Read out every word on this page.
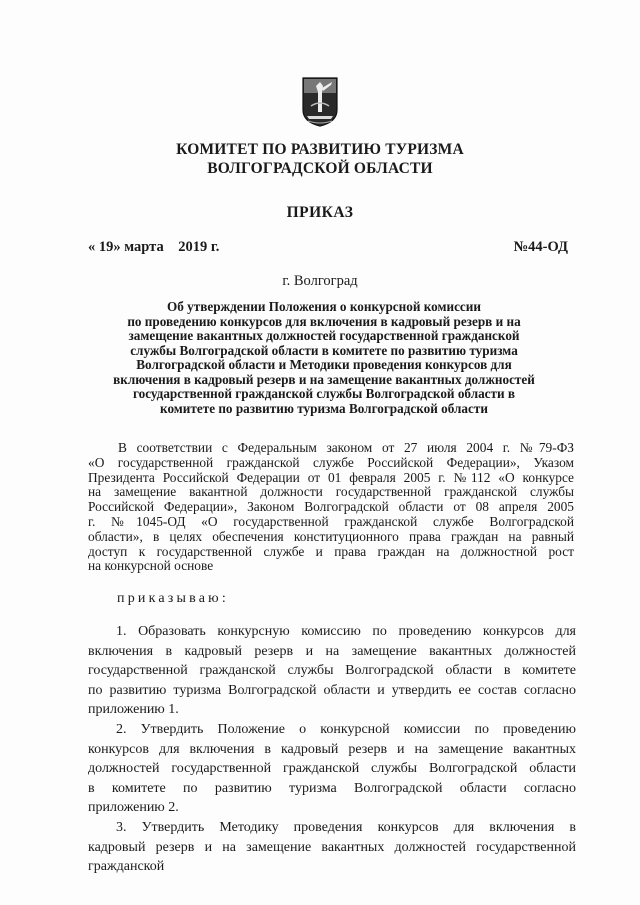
КОМИТЕТ ПО РАЗВИТИЮ ТУРИЗМА
ВОЛГОГРАДСКОЙ ОБЛАСТИ
ПРИКАЗ
« 19» марта    2019 г.	№44-ОД
г. Волгоград
Об утверждении Положения о конкурсной комиссии
по проведению конкурсов для включения в кадровый резерв и на
замещение вакантных должностей государственной гражданской
службы Волгоградской области в комитете по развитию туризма
Волгоградской области и Методики проведения конкурсов для
включения в кадровый резерв и на замещение вакантных должностей
государственной гражданской службы Волгоградской области в
комитете по развитию туризма Волгоградской области
В соответствии с Федеральным законом от 27 июля 2004 г. №79-ФЗ
«О государственной гражданской службе Российской Федерации», Указом
Президента Российской Федерации от 01 февраля 2005 г. №112 «О конкурсе
на замещение вакантной должности государственной гражданской службы
Российской Федерации», Законом Волгоградской области от 08 апреля 2005
г. №1045-ОД «О государственной гражданской службе Волгоградской
области», в целях обеспечения конституционного права граждан на равный
доступ к государственной службе и права граждан на должностной рост
на конкурсной основе
приказываю:
1. Образовать конкурсную комиссию по проведению конкурсов для
включения в кадровый резерв и на замещение вакантных должностей
государственной гражданской службы Волгоградской области в комитете
по развитию туризма Волгоградской области и утвердить ее состав согласно
приложению 1.
2. Утвердить Положение о конкурсной комиссии по проведению
конкурсов для включения в кадровый резерв и на замещение вакантных
должностей государственной гражданской службы Волгоградской области
в комитете по развитию туризма Волгоградской области согласно
приложению 2.
3. Утвердить Методику проведения конкурсов для включения в
кадровый резерв и на замещение вакантных должностей государственной
гражданской
